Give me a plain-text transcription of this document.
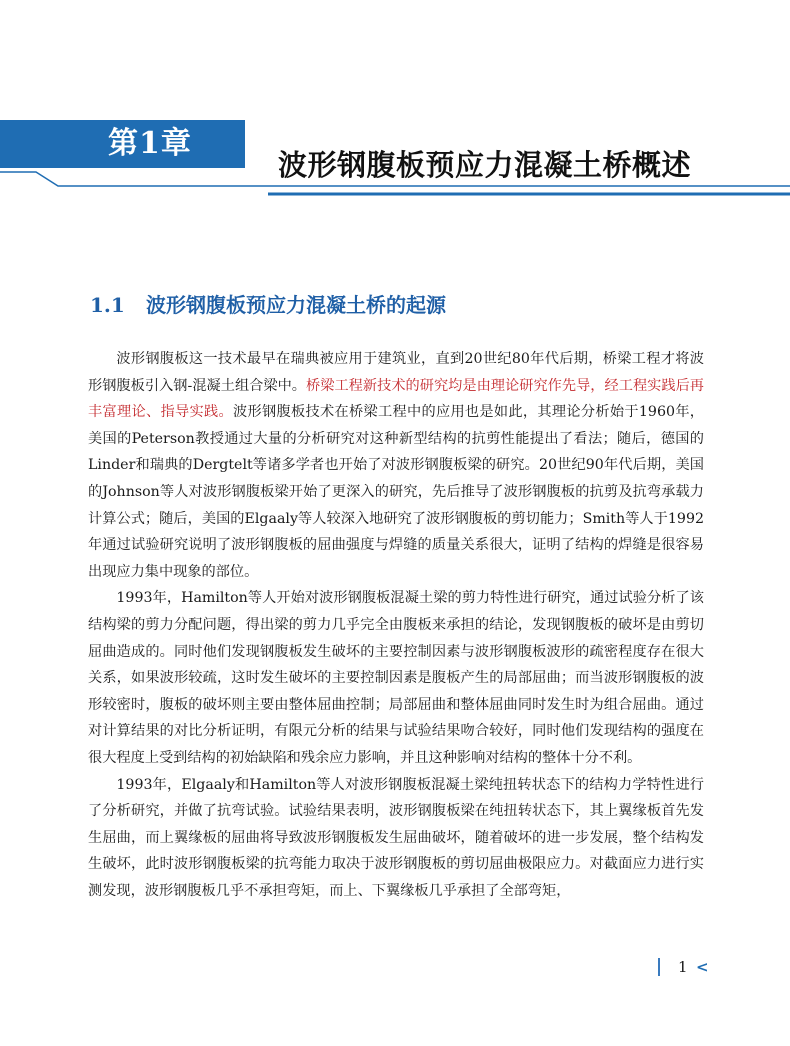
第1章
波形钢腹板预应力混凝土桥概述
1.1 波形钢腹板预应力混凝土桥的起源

波形钢腹板这一技术最早在瑞典被应用于建筑业，直到20世纪80年代后期，桥梁工程才将波形钢腹板引入钢-混凝土组合梁中。桥梁工程新技术的研究均是由理论研究作先导，经工程实践后再丰富理论、指导实践。波形钢腹板技术在桥梁工程中的应用也是如此，其理论分析始于1960年，美国的Peterson教授通过大量的分析研究对这种新型结构的抗剪性能提出了看法；随后，德国的Linder和瑞典的Dergtelt等诸多学者也开始了对波形钢腹板梁的研究。20世纪90年代后期，美国的Johnson等人对波形钢腹板梁开始了更深入的研究，先后推导了波形钢腹板的抗剪及抗弯承载力计算公式；随后，美国的Elgaaly等人较深入地研究了波形钢腹板的剪切能力；Smith等人于1992年通过试验研究说明了波形钢腹板的屈曲强度与焊缝的质量关系很大，证明了结构的焊缝是很容易出现应力集中现象的部位。

1993年，Hamilton等人开始对波形钢腹板混凝土梁的剪力特性进行研究，通过试验分析了该结构梁的剪力分配问题，得出梁的剪力几乎完全由腹板来承担的结论，发现钢腹板的破坏是由剪切屈曲造成的。同时他们发现钢腹板发生破坏的主要控制因素与波形钢腹板波形的疏密程度存在很大关系，如果波形较疏，这时发生破坏的主要控制因素是腹板产生的局部屈曲；而当波形钢腹板的波形较密时，腹板的破坏则主要由整体屈曲控制；局部屈曲和整体屈曲同时发生时为组合屈曲。通过对计算结果的对比分析证明，有限元分析的结果与试验结果吻合较好，同时他们发现结构的强度在很大程度上受到结构的初始缺陷和残余应力影响，并且这种影响对结构的整体十分不利。

1993年，Elgaaly和Hamilton等人对波形钢腹板混凝土梁纯扭转状态下的结构力学特性进行了分析研究，并做了抗弯试验。试验结果表明，波形钢腹板梁在纯扭转状态下，其上翼缘板首先发生屈曲，而上翼缘板的屈曲将导致波形钢腹板发生屈曲破坏，随着破坏的进一步发展，整个结构发生破坏，此时波形钢腹板梁的抗弯能力取决于波形钢腹板的剪切屈曲极限应力。对截面应力进行实测发现，波形钢腹板几乎不承担弯矩，而上、下翼缘板几乎承担了全部弯矩，

1 <
